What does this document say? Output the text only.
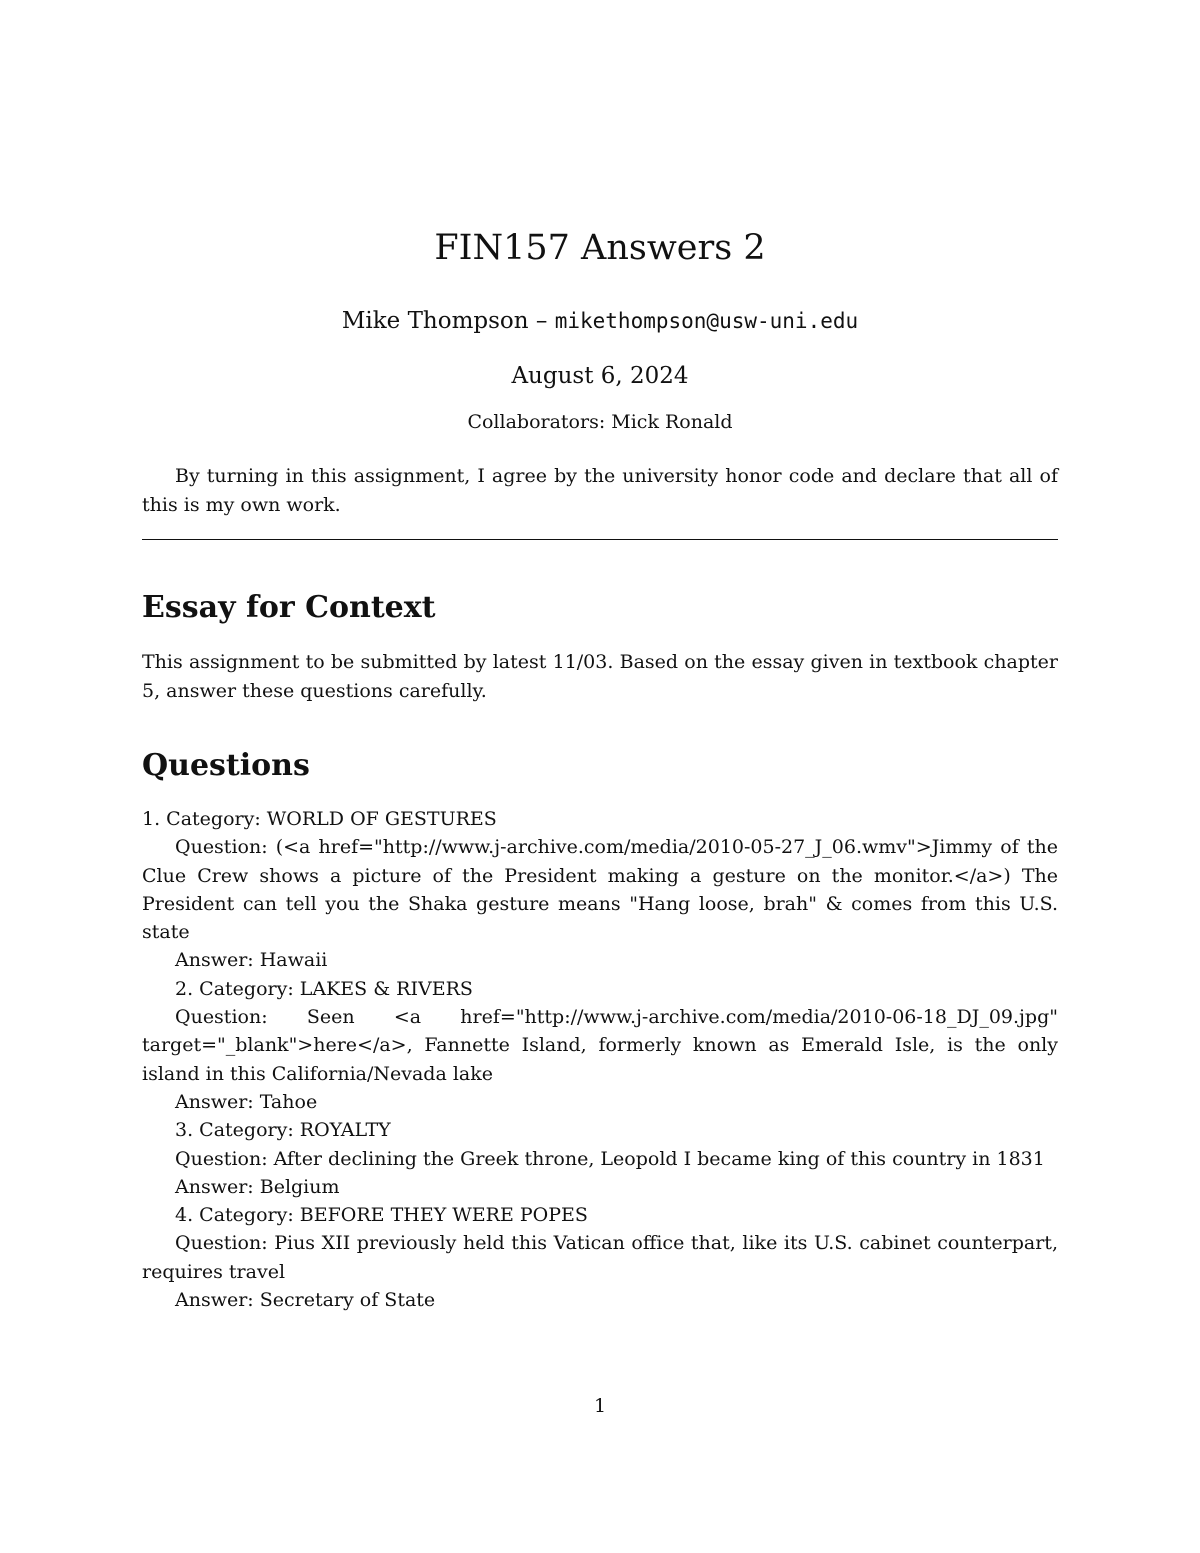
FIN157 Answers 2
Mike Thompson – mikethompson@usw-uni.edu
August 6, 2024
Collaborators: Mick Ronald

By turning in this assignment, I agree by the university honor code and declare that all of this is my own work.

Essay for Context

This assignment to be submitted by latest 11/03. Based on the essay given in textbook chapter 5, answer these questions carefully.

Questions
1. Category: WORLD OF GESTURES
Question: (<a href="http://www.j-archive.com/media/2010-05-27_J_06.wmv">Jimmy of the Clue Crew shows a picture of the President making a gesture on the monitor.</a>) The President can tell you the Shaka gesture means "Hang loose, brah" & comes from this U.S. state
Answer: Hawaii
2. Category: LAKES & RIVERS
Question: Seen <a href="http://www.j-archive.com/media/2010-06-18_DJ_09.jpg" target="_blank">here</a>, Fannette Island, formerly known as Emerald Isle, is the only island in this California/Nevada lake
Answer: Tahoe
3. Category: ROYALTY
Question: After declining the Greek throne, Leopold I became king of this country in 1831
Answer: Belgium
4. Category: BEFORE THEY WERE POPES
Question: Pius XII previously held this Vatican office that, like its U.S. cabinet counterpart, requires travel
Answer: Secretary of State
1
